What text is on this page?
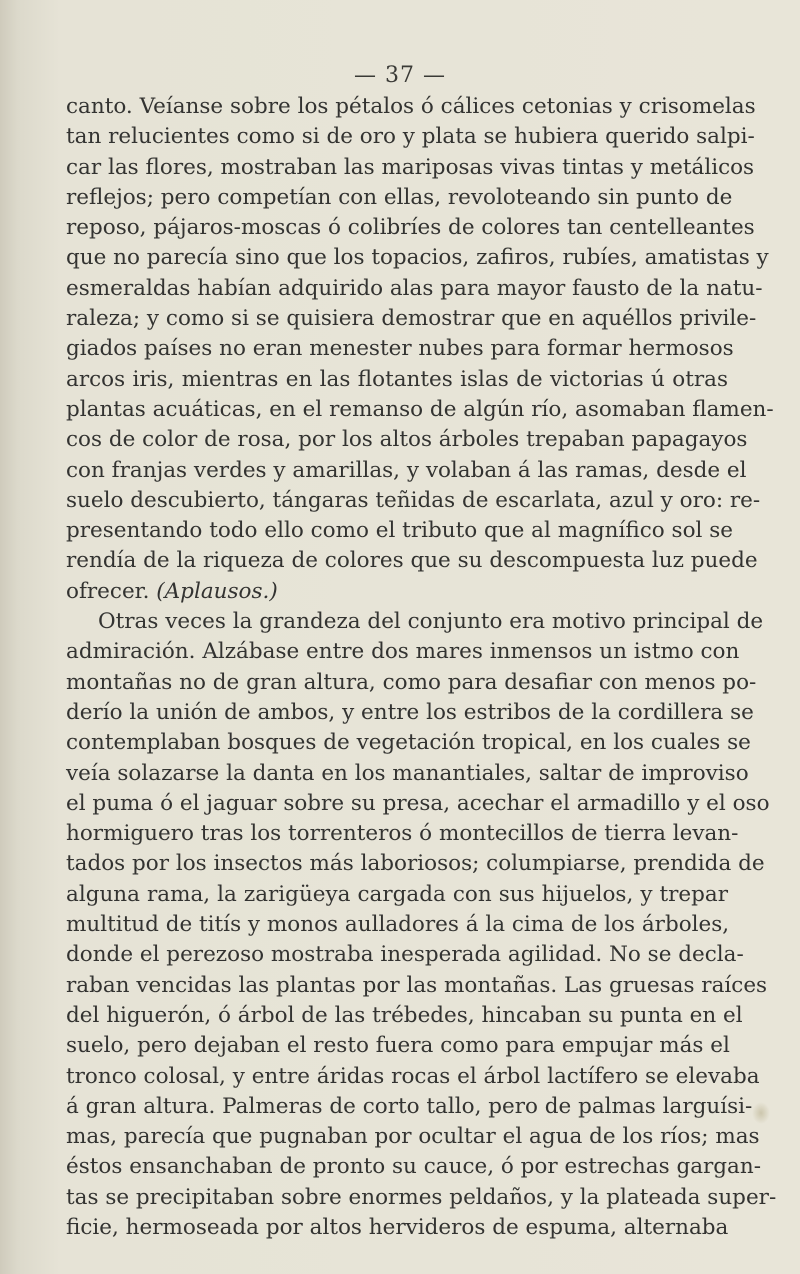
— 37 —
canto. Veíanse sobre los pétalos ó cálices cetonias y crisomelas
tan relucientes como si de oro y plata se hubiera querido salpi-
car las flores, mostraban las mariposas vivas tintas y metálicos
reflejos; pero competían con ellas, revoloteando sin punto de
reposo, pájaros-moscas ó colibríes de colores tan centelleantes
que no parecía sino que los topacios, zafiros, rubíes, amatistas y
esmeraldas habían adquirido alas para mayor fausto de la natu-
raleza; y como si se quisiera demostrar que en aquéllos privile-
giados países no eran menester nubes para formar hermosos
arcos iris, mientras en las flotantes islas de victorias ú otras
plantas acuáticas, en el remanso de algún río, asomaban flamen-
cos de color de rosa, por los altos árboles trepaban papagayos
con franjas verdes y amarillas, y volaban á las ramas, desde el
suelo descubierto, tángaras teñidas de escarlata, azul y oro: re-
presentando todo ello como el tributo que al magnífico sol se
rendía de la riqueza de colores que su descompuesta luz puede
ofrecer. (Aplausos.)
Otras veces la grandeza del conjunto era motivo principal de
admiración. Alzábase entre dos mares inmensos un istmo con
montañas no de gran altura, como para desafiar con menos po-
derío la unión de ambos, y entre los estribos de la cordillera se
contemplaban bosques de vegetación tropical, en los cuales se
veía solazarse la danta en los manantiales, saltar de improviso
el puma ó el jaguar sobre su presa, acechar el armadillo y el oso
hormiguero tras los torrenteros ó montecillos de tierra levan-
tados por los insectos más laboriosos; columpiarse, prendida de
alguna rama, la zarigüeya cargada con sus hijuelos, y trepar
multitud de titís y monos aulladores á la cima de los árboles,
donde el perezoso mostraba inesperada agilidad. No se decla-
raban vencidas las plantas por las montañas. Las gruesas raíces
del higuerón, ó árbol de las trébedes, hincaban su punta en el
suelo, pero dejaban el resto fuera como para empujar más el
tronco colosal, y entre áridas rocas el árbol lactífero se elevaba
á gran altura. Palmeras de corto tallo, pero de palmas larguísi-
mas, parecía que pugnaban por ocultar el agua de los ríos; mas
éstos ensanchaban de pronto su cauce, ó por estrechas gargan-
tas se precipitaban sobre enormes peldaños, y la plateada super-
ficie, hermoseada por altos hervideros de espuma, alternaba
